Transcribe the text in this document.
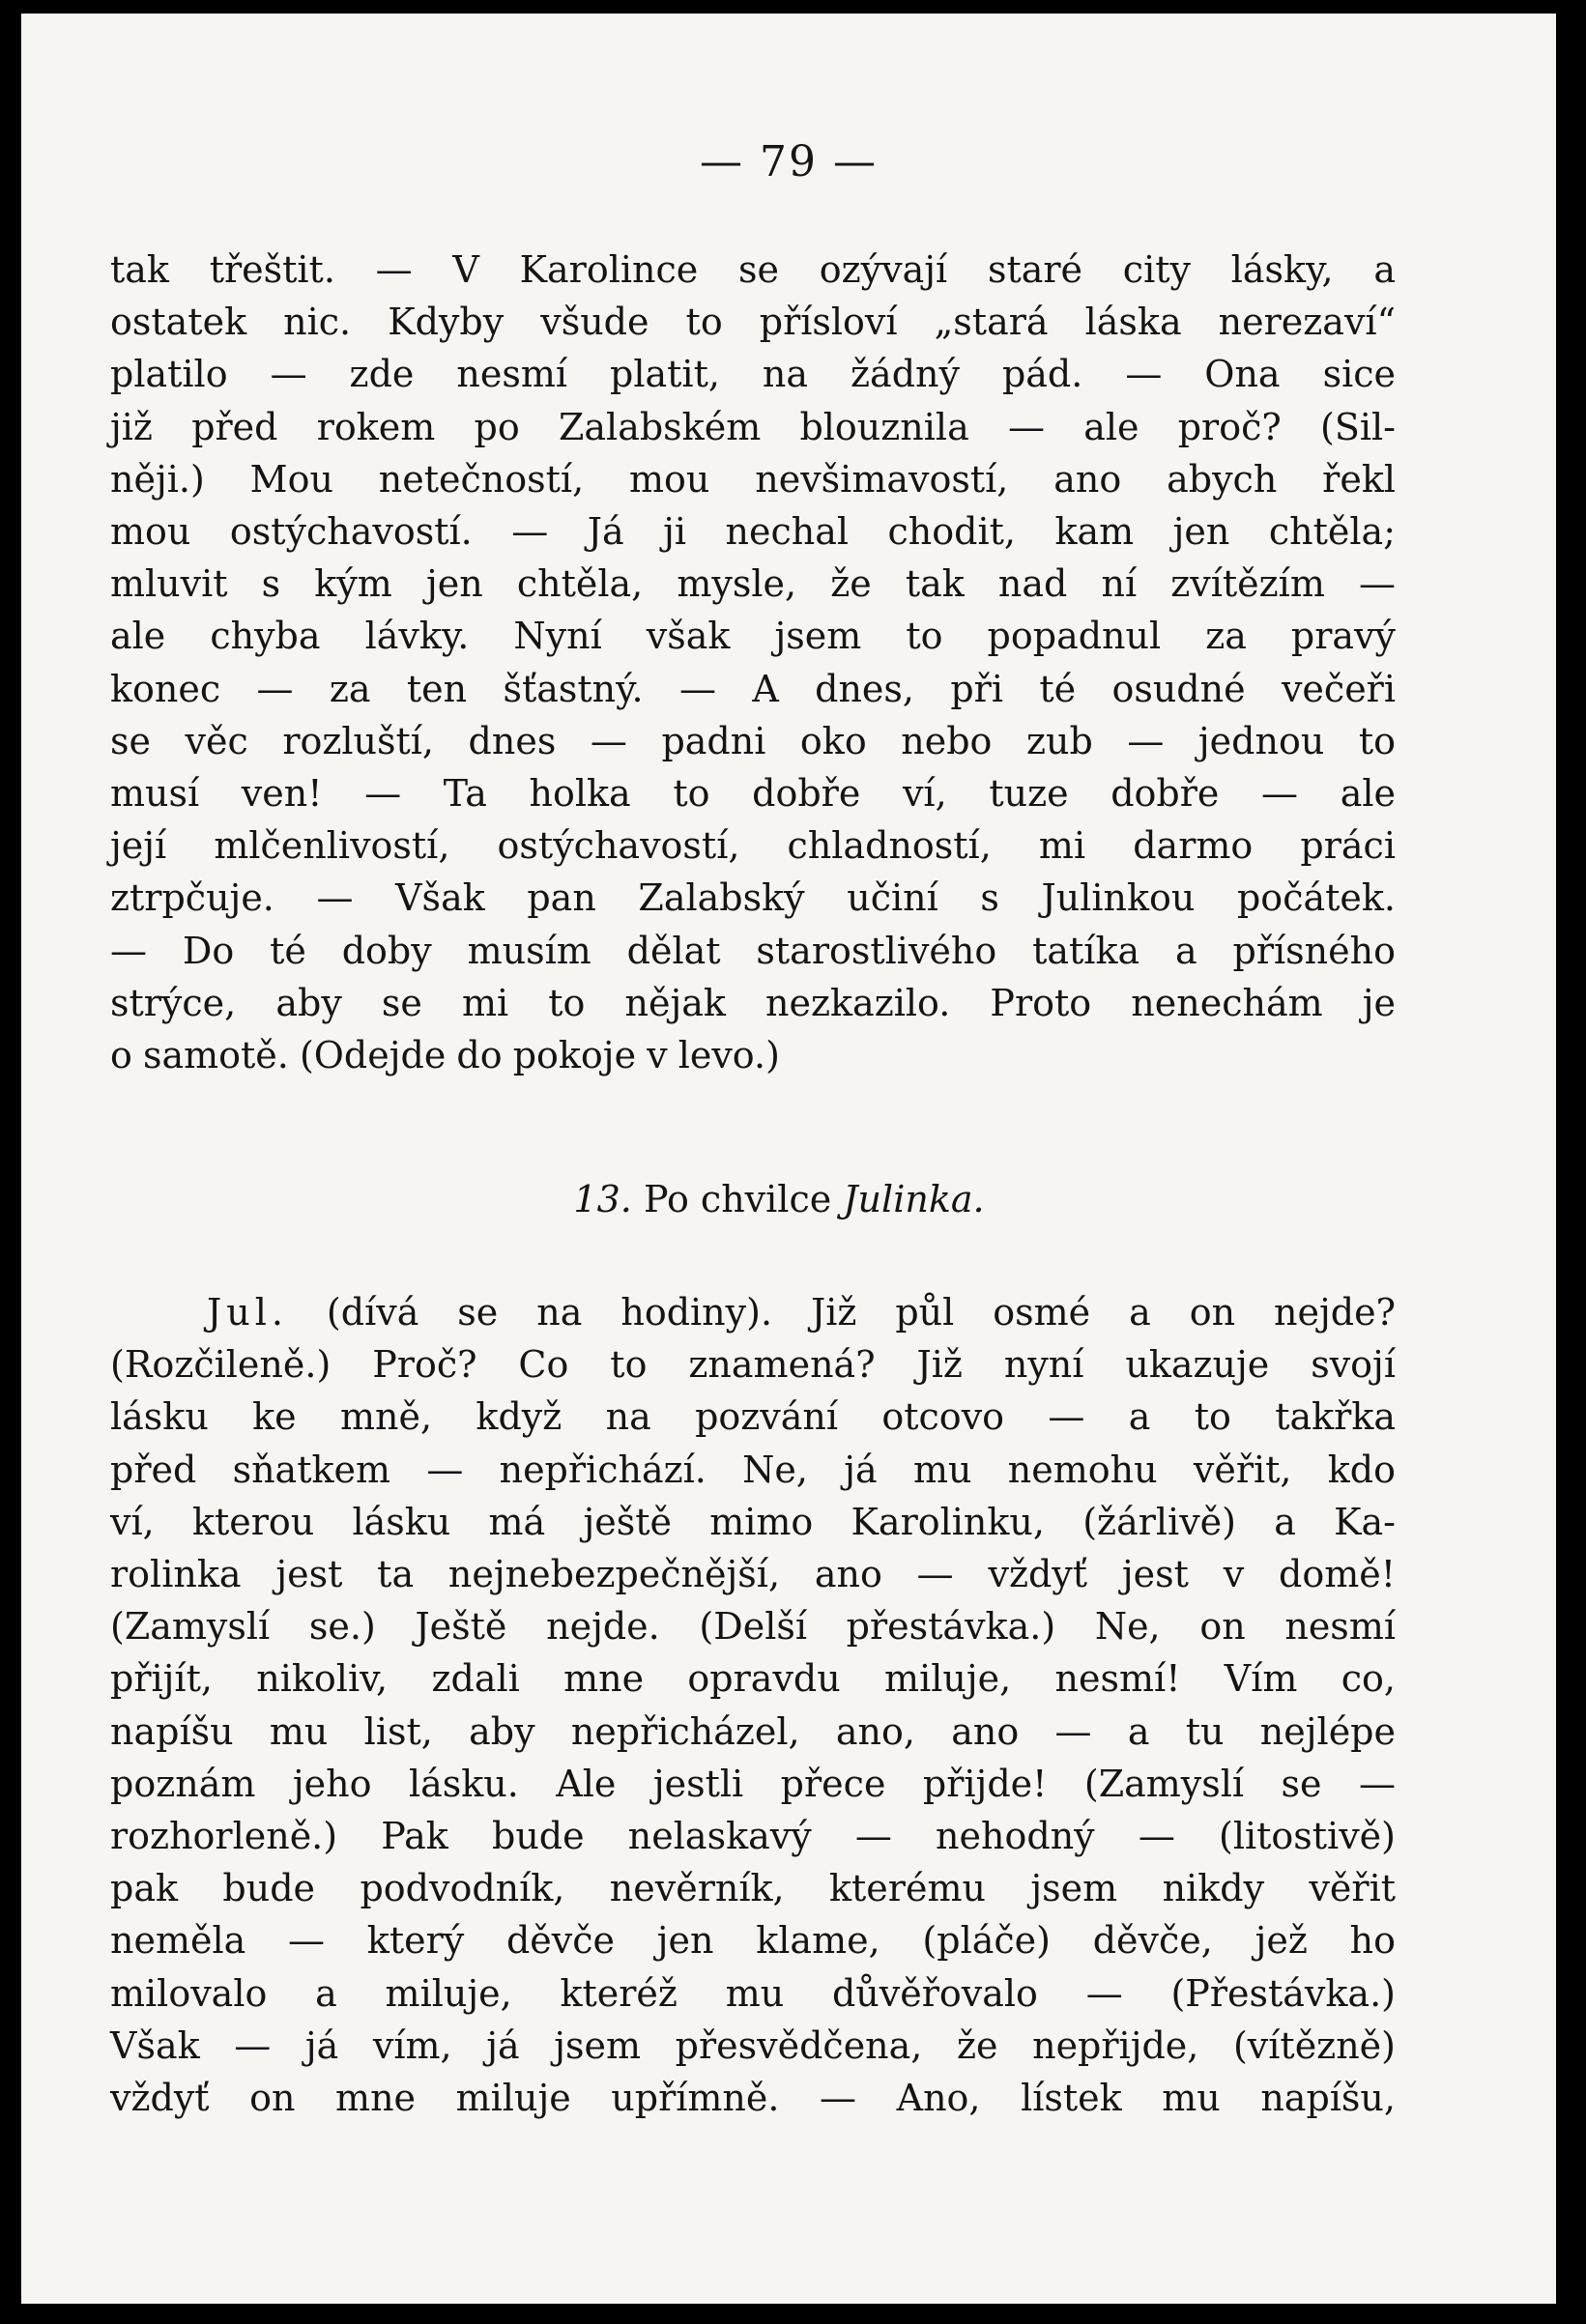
— 79 —
tak třeštit. — V Karolince se ozývají staré city lásky, a
ostatek nic. Kdyby všude to přísloví „stará láska nerezaví“
platilo — zde nesmí platit, na žádný pád. — Ona sice
již před rokem po Zalabském blouznila — ale proč? (Sil-
něji.) Mou netečností, mou nevšimavostí, ano abych řekl
mou ostýchavostí. — Já ji nechal chodit, kam jen chtěla;
mluvit s kým jen chtěla, mysle, že tak nad ní zvítězím —
ale chyba lávky. Nyní však jsem to popadnul za pravý
konec — za ten šťastný. — A dnes, při té osudné večeři
se věc rozluští, dnes — padni oko nebo zub — jednou to
musí ven! — Ta holka to dobře ví, tuze dobře — ale
její mlčenlivostí, ostýchavostí, chladností, mi darmo práci
ztrpčuje. — Však pan Zalabský učiní s Julinkou počátek.
— Do té doby musím dělat starostlivého tatíka a přísného
strýce, aby se mi to nějak nezkazilo. Proto nenechám je
o samotě. (Odejde do pokoje v levo.)
13. Po chvilce Julinka.
Jul. (dívá se na hodiny). Již půl osmé a on nejde?
(Rozčileně.) Proč? Co to znamená? Již nyní ukazuje svojí
lásku ke mně, když na pozvání otcovo — a to takřka
před sňatkem — nepřichází. Ne, já mu nemohu věřit, kdo
ví, kterou lásku má ještě mimo Karolinku, (žárlivě) a Ka-
rolinka jest ta nejnebezpečnější, ano — vždyť jest v domě!
(Zamyslí se.) Ještě nejde. (Delší přestávka.) Ne, on nesmí
přijít, nikoliv, zdali mne opravdu miluje, nesmí! Vím co,
napíšu mu list, aby nepřicházel, ano, ano — a tu nejlépe
poznám jeho lásku. Ale jestli přece přijde! (Zamyslí se —
rozhorleně.) Pak bude nelaskavý — nehodný — (litostivě)
pak bude podvodník, nevěrník, kterému jsem nikdy věřit
neměla — který děvče jen klame, (pláče) děvče, jež ho
milovalo a miluje, kteréž mu důvěřovalo — (Přestávka.)
Však — já vím, já jsem přesvědčena, že nepřijde, (vítězně)
vždyť on mne miluje upřímně. — Ano, lístek mu napíšu,
